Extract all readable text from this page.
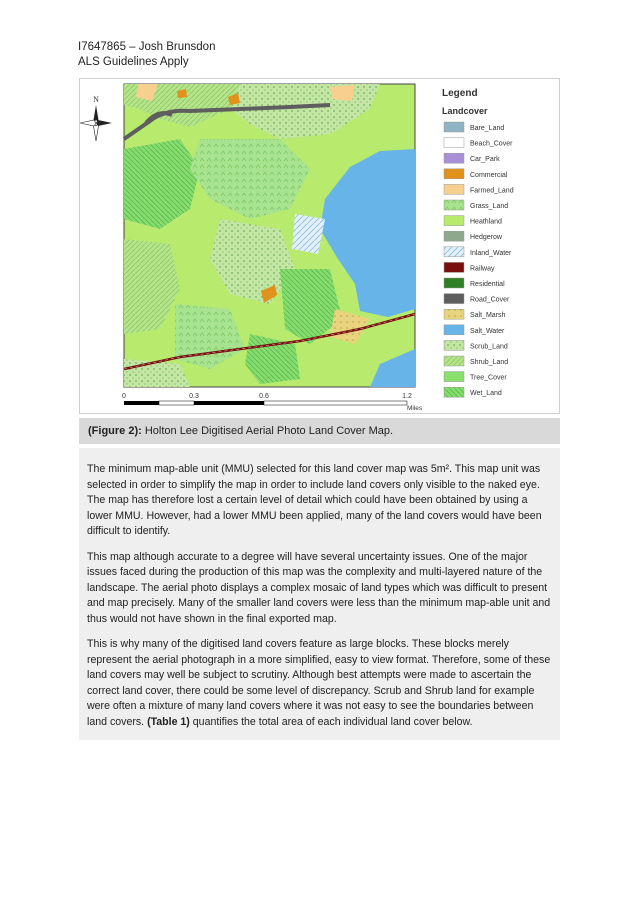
I7647865 – Josh Brunsdon
ALS Guidelines Apply
N
0	0.3	0.6	1.2
Miles
Legend
Landcover
Bare_Land
Beach_Cover
Car_Park
Commercial
Farmed_Land
Grass_Land
Heathland
Hedgerow
Inland_Water
Railway
Residential
Road_Cover
Salt_Marsh
Salt_Water
Scrub_Land
Shrub_Land
Tree_Cover
Wet_Land
(Figure 2): Holton Lee Digitised Aerial Photo Land Cover Map.

The minimum map-able unit (MMU) selected for this land cover map was 5m². This map unit was selected in order to simplify the map in order to include land covers only visible to the naked eye. The map has therefore lost a certain level of detail which could have been obtained by using a lower MMU. However, had a lower MMU been applied, many of the land covers would have been difficult to identify.

This map although accurate to a degree will have several uncertainty issues. One of the major issues faced during the production of this map was the complexity and multi-layered nature of the landscape. The aerial photo displays a complex mosaic of land types which was difficult to present and map precisely. Many of the smaller land covers were less than the minimum map-able unit and thus would not have shown in the final exported map.

This is why many of the digitised land covers feature as large blocks. These blocks merely represent the aerial photograph in a more simplified, easy to view format. Therefore, some of these land covers may well be subject to scrutiny. Although best attempts were made to ascertain the correct land cover, there could be some level of discrepancy. Scrub and Shrub land for example were often a mixture of many land covers where it was not easy to see the boundaries between land covers. (Table 1) quantifies the total area of each individual land cover below.
